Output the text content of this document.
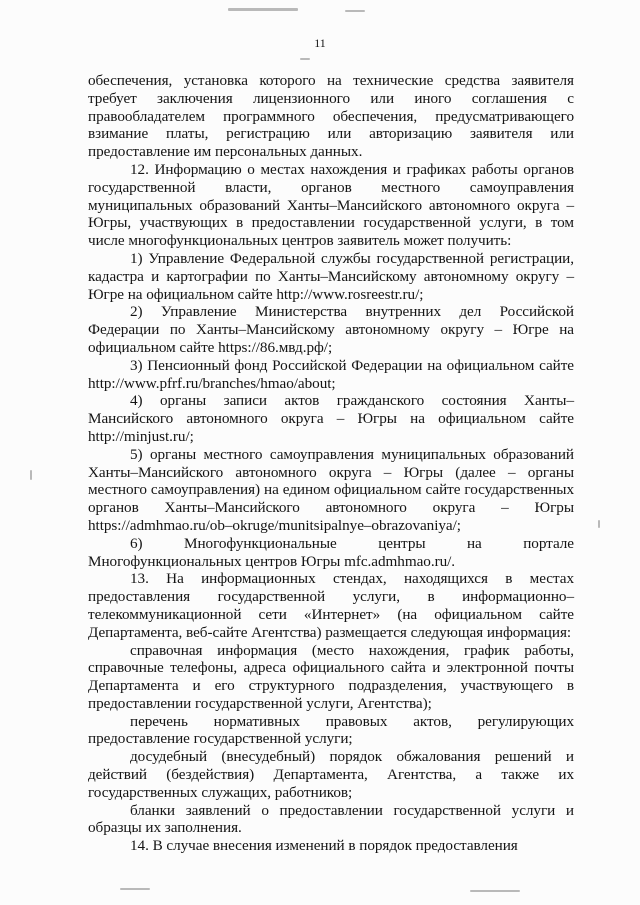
11

обеспечения, установка которого на технические средства заявителя требует заключения лицензионного или иного соглашения с правообладателем программного обеспечения, предусматривающего взимание платы, регистрацию или авторизацию заявителя или предоставление им персональных данных.

12. Информацию о местах нахождения и графиках работы органов государственной власти, органов местного самоуправления муниципальных образований Ханты–Мансийского автономного округа – Югры, участвующих в предоставлении государственной услуги, в том числе многофункциональных центров заявитель может получить:

1) Управление Федеральной службы государственной регистрации, кадастра и картографии по Ханты–Мансийскому автономному округу – Югре на официальном сайте http://www.rosreestr.ru/;

2) Управление Министерства внутренних дел Российской Федерации по Ханты–Мансийскому автономному округу – Югре на официальном сайте https://86.мвд.рф/;

3) Пенсионный фонд Российской Федерации на официальном сайте http://www.pfrf.ru/branches/hmao/about;

4) органы записи актов гражданского состояния Ханты–Мансийского автономного округа – Югры на официальном сайте http://minjust.ru/;

5) органы местного самоуправления муниципальных образований Ханты–Мансийского автономного округа – Югры (далее – органы местного самоуправления) на едином официальном сайте государственных органов Ханты–Мансийского автономного округа – Югры https://admhmao.ru/ob–okruge/munitsipalnye–obrazovaniya/;

6) Многофункциональные центры на портале Многофункциональных центров Югры mfc.admhmao.ru/.

13. На информационных стендах, находящихся в местах предоставления государственной услуги, в информационно–телекоммуникационной сети «Интернет» (на официальном сайте Департамента, веб-сайте Агентства) размещается следующая информация:

справочная информация (место нахождения, график работы, справочные телефоны, адреса официального сайта и электронной почты Департамента и его структурного подразделения, участвующего в предоставлении государственной услуги, Агентства);

перечень нормативных правовых актов, регулирующих предоставление государственной услуги;

досудебный (внесудебный) порядок обжалования решений и действий (бездействия) Департамента, Агентства, а также их государственных служащих, работников;

бланки заявлений о предоставлении государственной услуги и образцы их заполнения.

14. В случае внесения изменений в порядок предоставления
